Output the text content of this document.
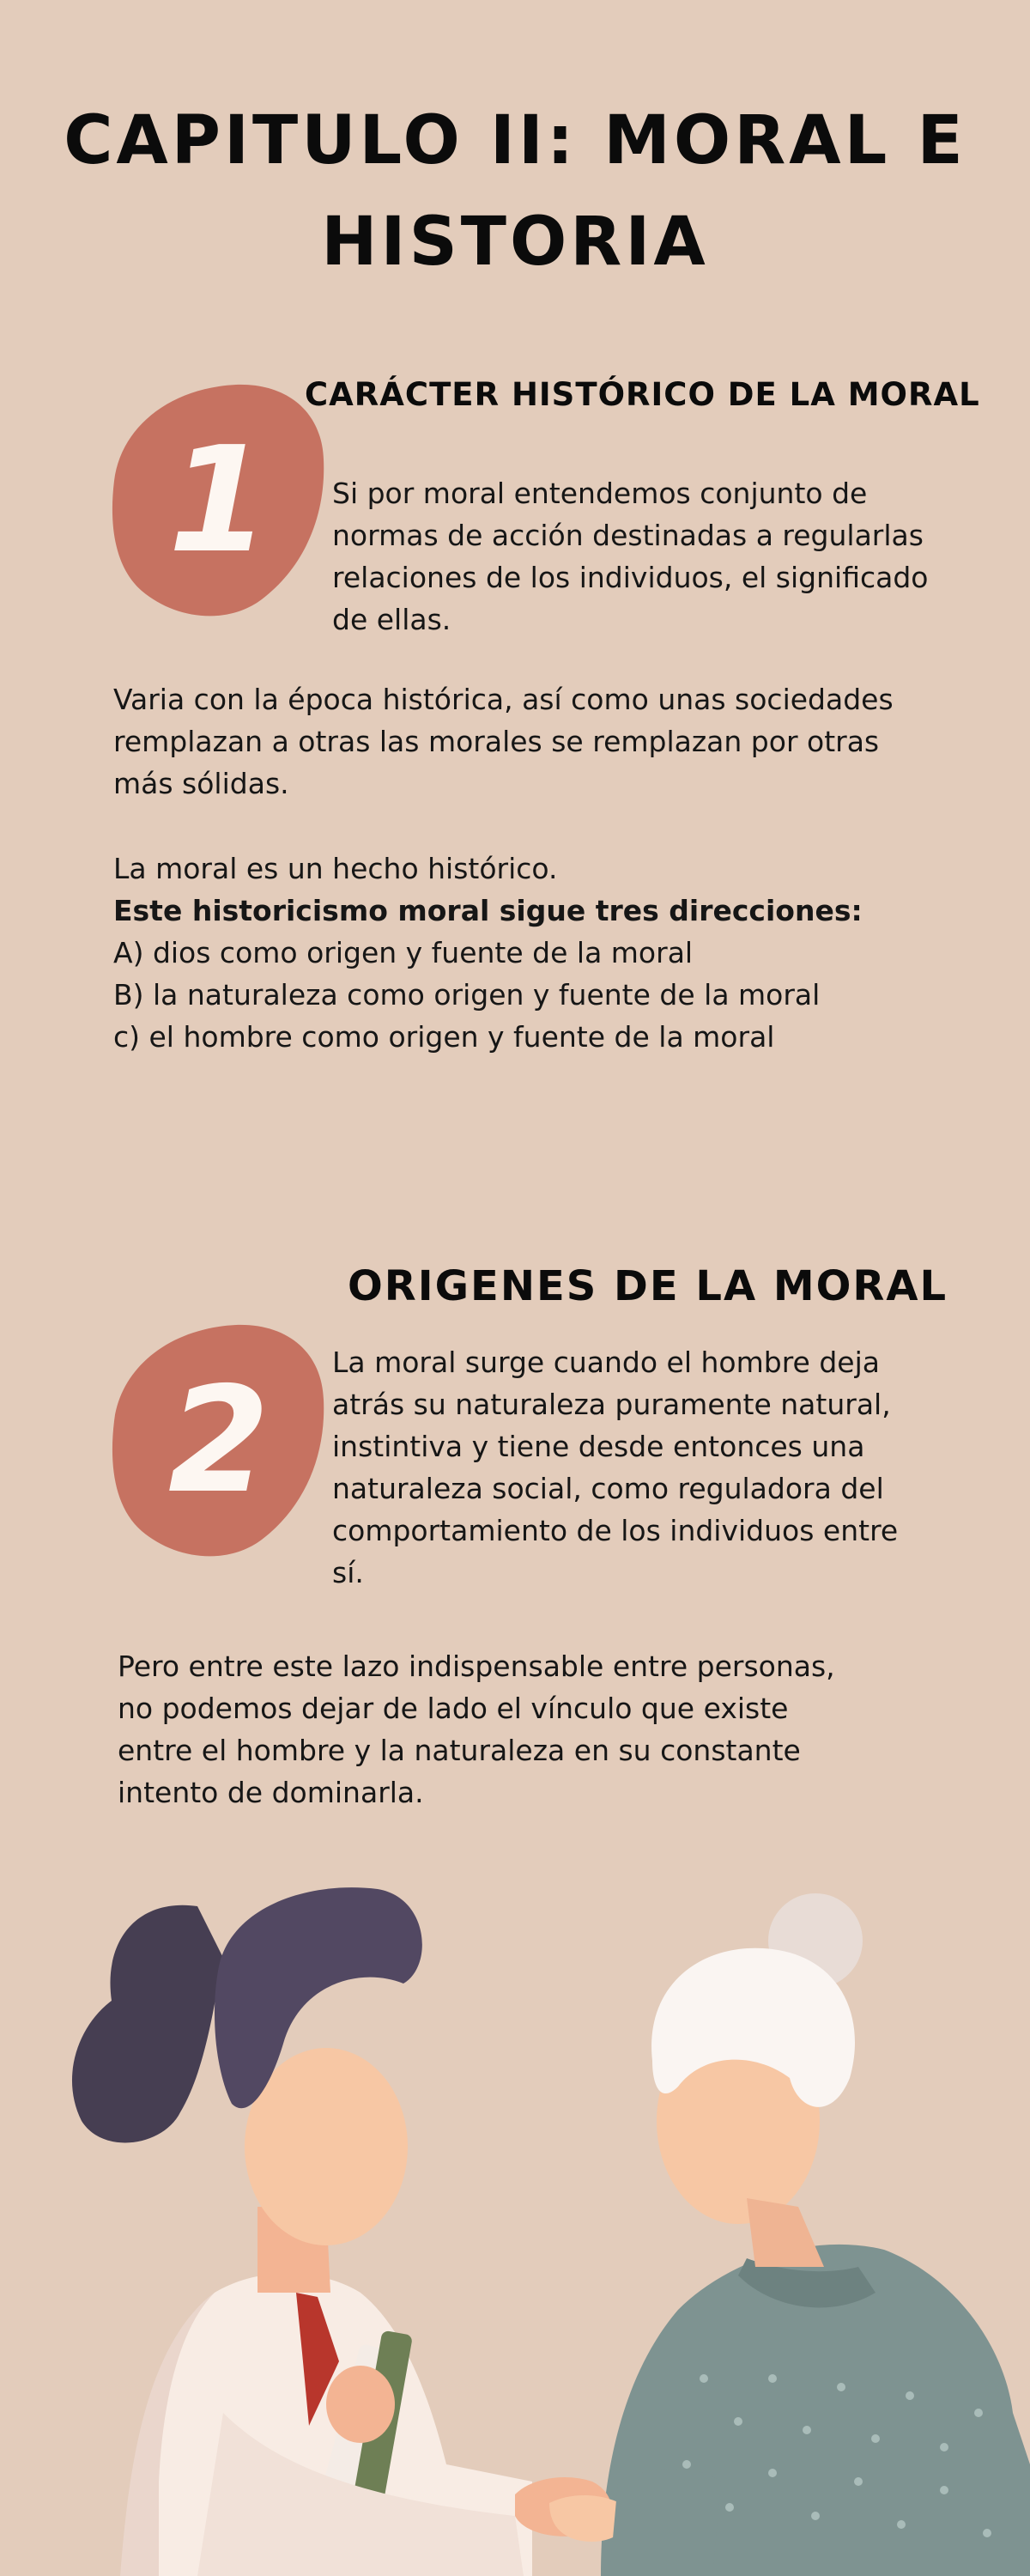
CAPITULO II: MORAL E
HISTORIA
1
CARÁCTER HISTÓRICO DE LA MORAL

Si por moral entendemos conjunto de normas de acción destinadas a regularlas relaciones de los individuos, el significado de ellas.

Varia con la época histórica, así como unas sociedades remplazan a otras las morales se remplazan por otras más sólidas.

La moral es un hecho histórico.
Este historicismo moral sigue tres direcciones:
A) dios como origen y fuente de la moral
B) la naturaleza como origen y fuente de la moral
c) el hombre como origen y fuente de la moral
ORIGENES DE LA MORAL
2	La moral surge cuando el hombre deja atrás su naturaleza puramente natural, instintiva y tiene desde entonces una naturaleza social, como reguladora del comportamiento de los individuos entre sí.

Pero entre este lazo indispensable entre personas, no podemos dejar de lado el vínculo que existe entre el hombre y la naturaleza en su constante intento de dominarla.
